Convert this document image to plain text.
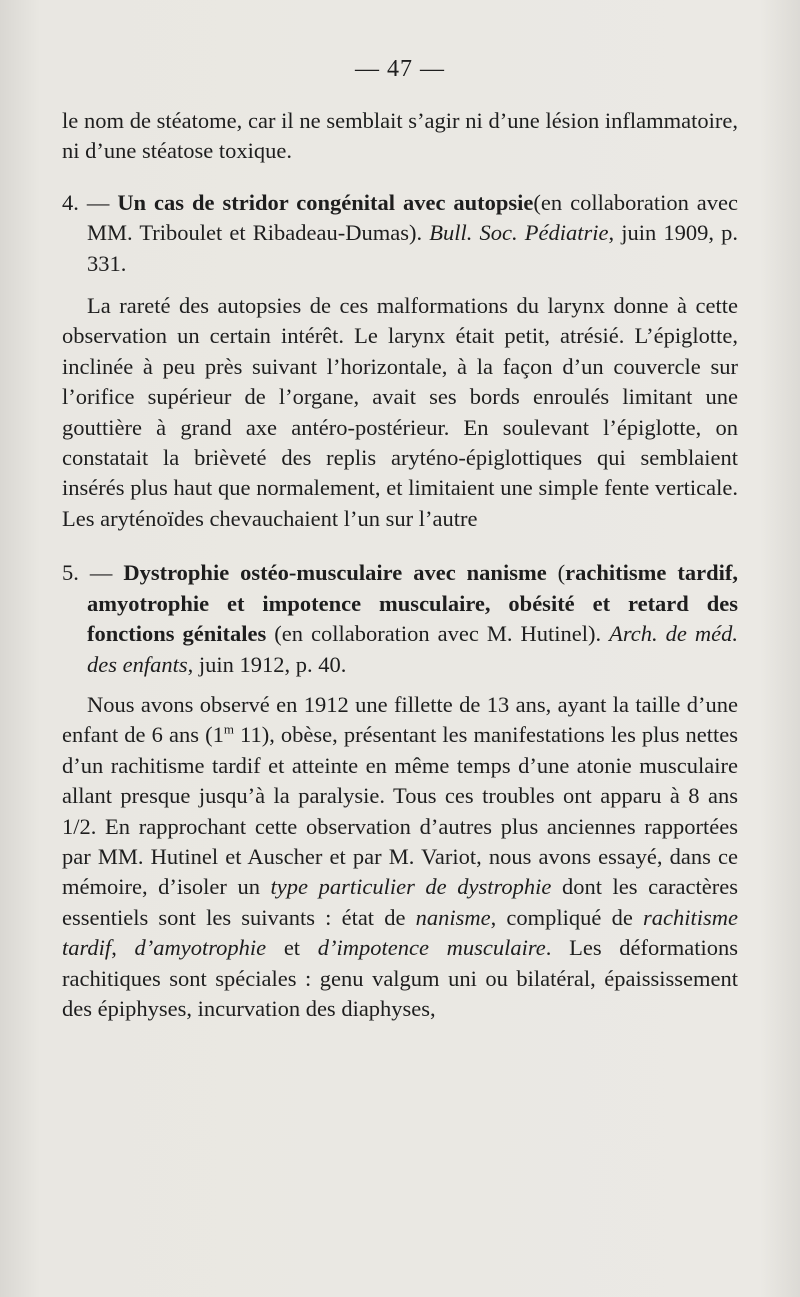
— 47 —

le nom de stéatome, car il ne semblait s’agir ni d’une lésion inflammatoire, ni d’une stéatose toxique.

4. — Un cas de stridor congénital avec autopsie(en collaboration avec MM. Triboulet et Ribadeau-Dumas). Bull. Soc. Pédiatrie, juin 1909, p. 331.

La rareté des autopsies de ces malformations du larynx donne à cette observation un certain intérêt. Le larynx était petit, atrésié. L’épiglotte, inclinée à peu près suivant l’horizontale, à la façon d’un couvercle sur l’orifice supérieur de l’organe, avait ses bords enroulés limitant une gouttière à grand axe antéro-postérieur. En soulevant l’épiglotte, on constatait la brièveté des replis aryténo-épiglottiques qui semblaient insérés plus haut que normalement, et limitaient une simple fente verticale. Les aryténoïdes chevauchaient l’un sur l’autre

5. — Dystrophie ostéo-musculaire avec nanisme (rachitisme tardif, amyotrophie et impotence musculaire, obésité et retard des fonctions génitales (en collaboration avec M. Hutinel). Arch. de méd. des enfants, juin 1912, p. 40.

Nous avons observé en 1912 une fillette de 13 ans, ayant la taille d’une enfant de 6 ans (1$^m$ 11), obèse, présentant les manifestations les plus nettes d’un rachitisme tardif et atteinte en même temps d’une atonie musculaire allant presque jusqu’à la paralysie. Tous ces troubles ont apparu à 8 ans 1/2. En rapprochant cette observation d’autres plus anciennes rapportées par MM. Hutinel et Auscher et par M. Variot, nous avons essayé, dans ce mémoire, d’isoler un type particulier de dystrophie dont les caractères essentiels sont les suivants : état de nanisme, compliqué de rachitisme tardif, d’amyotrophie et d’impotence musculaire. Les déformations rachitiques sont spéciales : genu valgum uni ou bilatéral, épaississement des épiphyses, incurvation des diaphyses,
